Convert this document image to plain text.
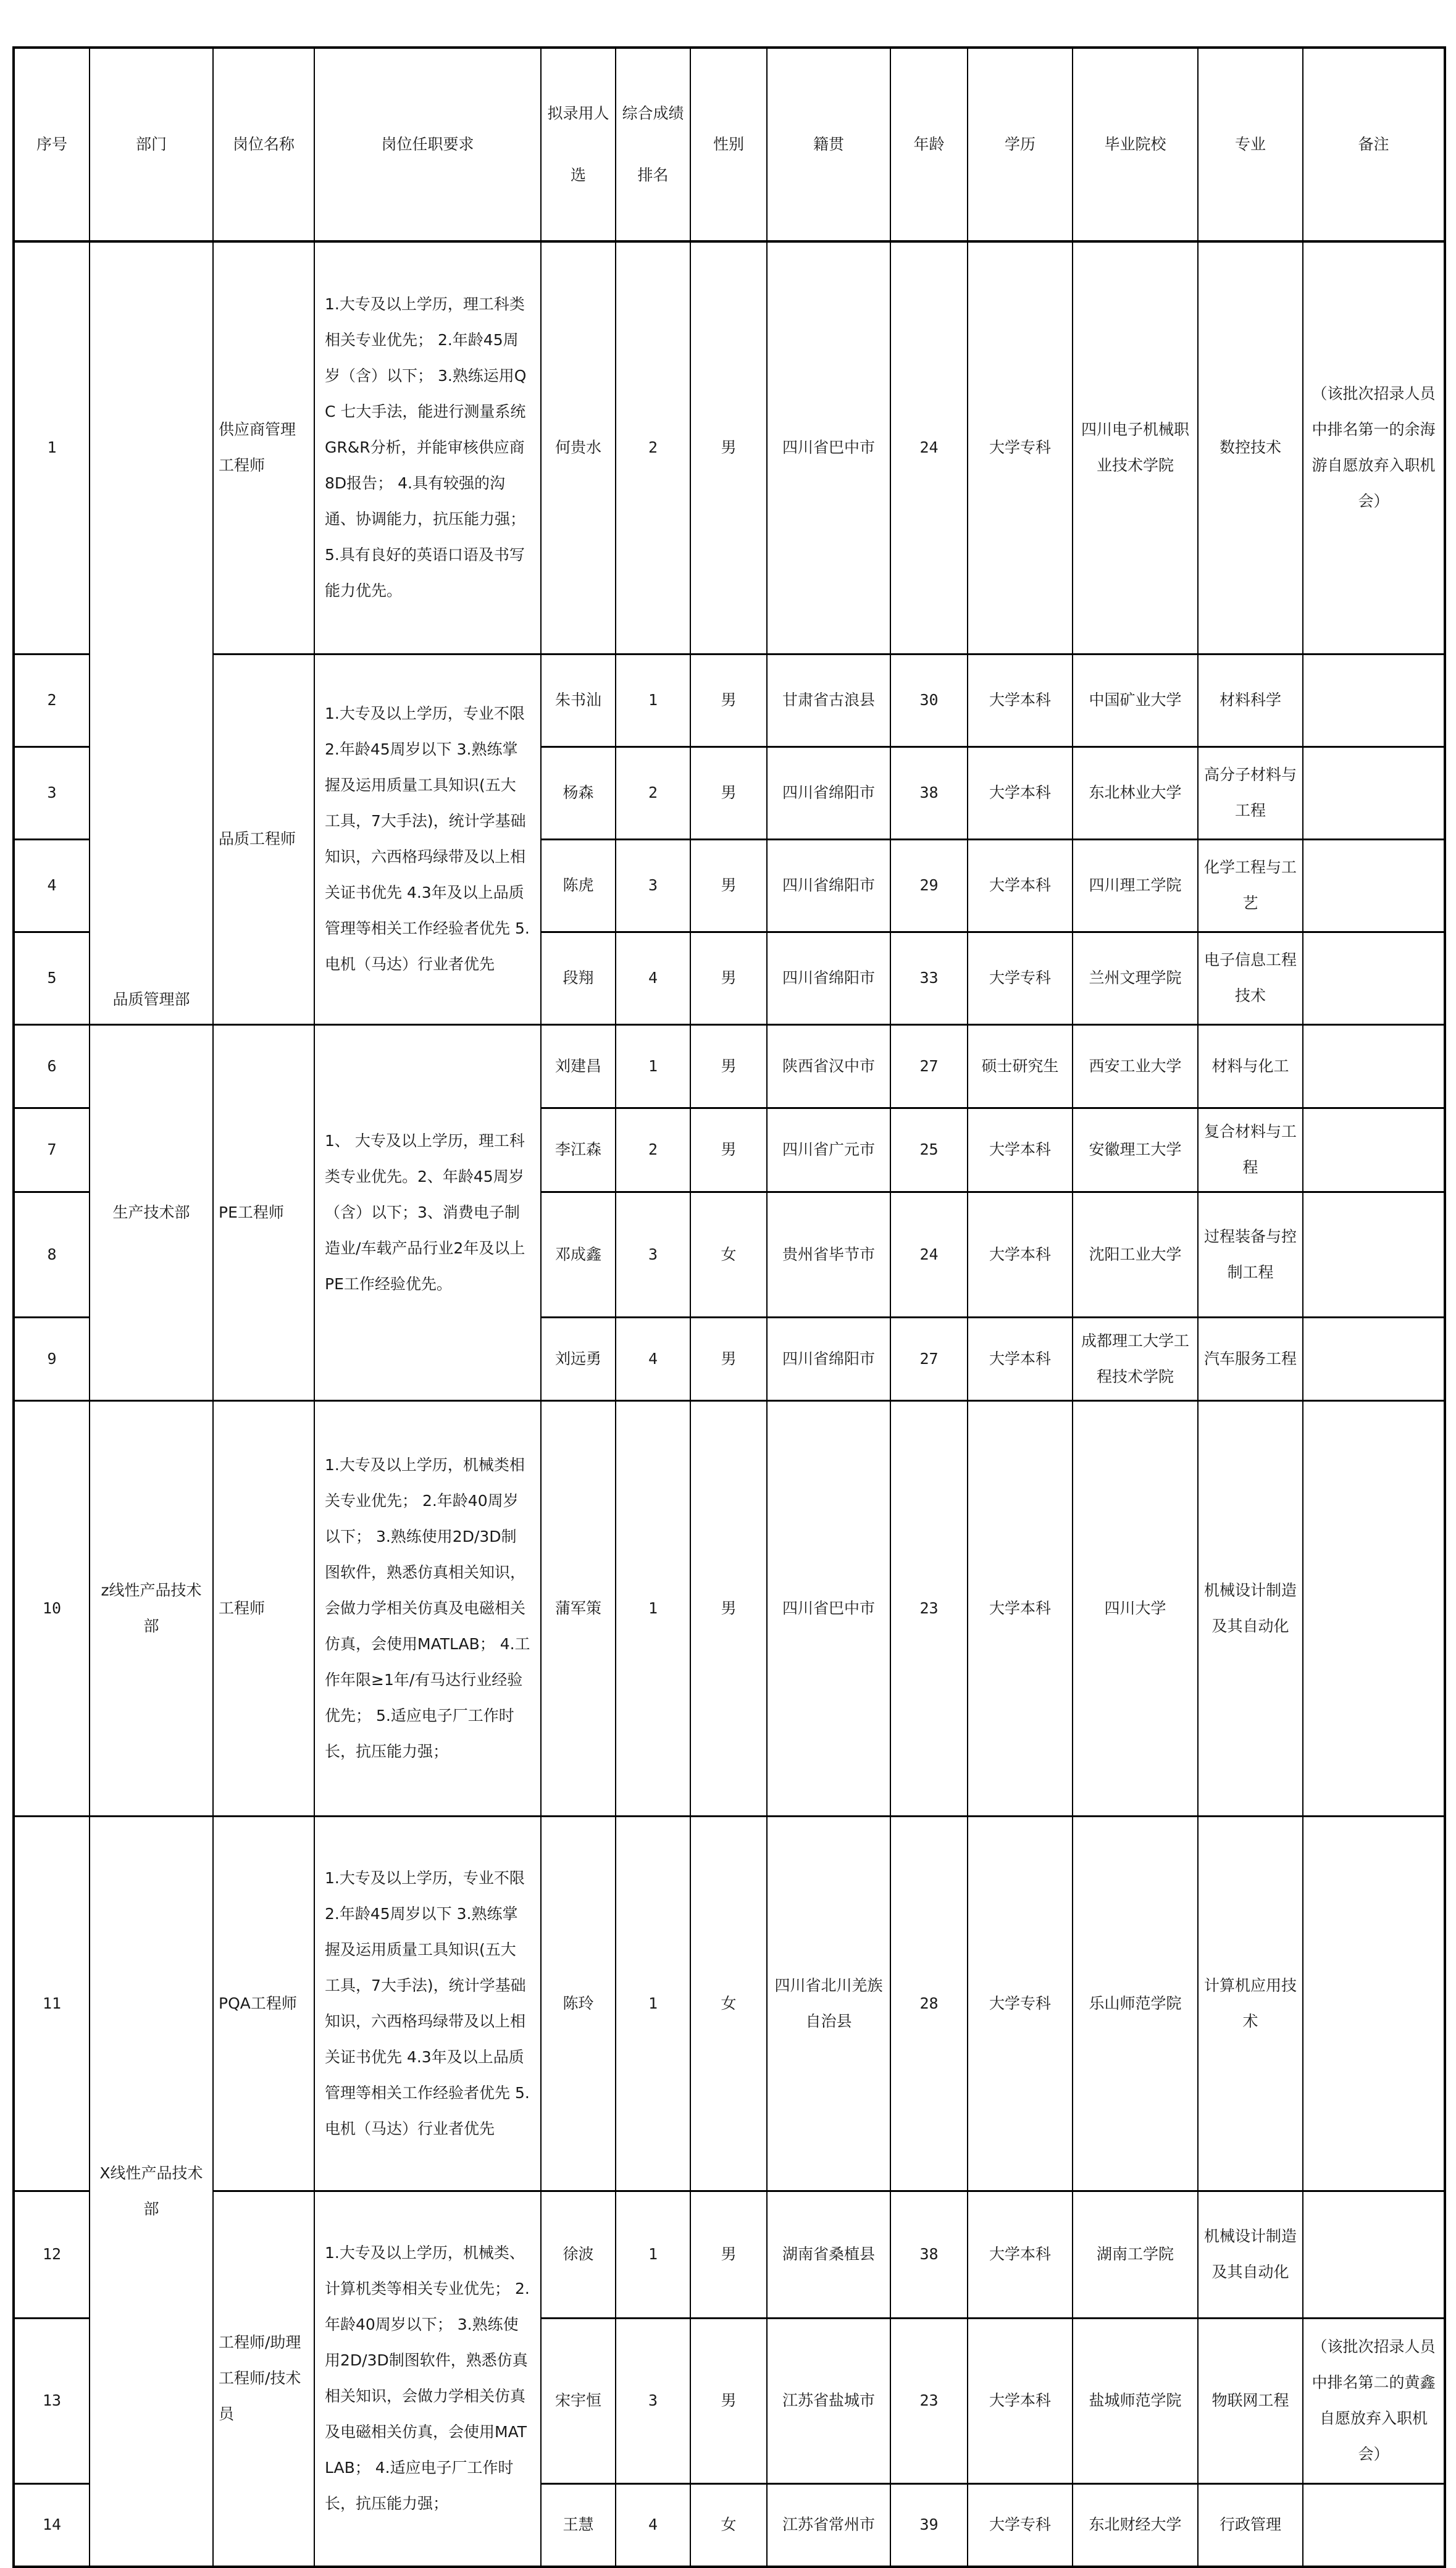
序号	部门	岗位名称	岗位任职要求	拟录用人选	综合成绩排名	性别	籍贯	年龄	学历	毕业院校	专业	备注
1	品质管理部	供应商管理工程师	1.大专及以上学历，理工科类相关专业优先； 2.年龄45周岁（含）以下； 3.熟练运用QC 七大手法，能进行测量系统GR&R分析，并能审核供应商8D报告； 4.具有较强的沟通、协调能力，抗压能力强； 5.具有良好的英语口语及书写能力优先。	何贵水	2	男	四川省巴中市	24	大学专科	四川电子机械职业技术学院	数控技术	（该批次招录人员中排名第一的余海游自愿放弃入职机会）
2		品质工程师	1.大专及以上学历，专业不限 2.年龄45周岁以下 3.熟练掌握及运用质量工具知识(五大工具，7大手法)，统计学基础知识，六西格玛绿带及以上相关证书优先 4.3年及以上品质管理等相关工作经验者优先 5.电机（马达）行业者优先	朱书汕	1	男	甘肃省古浪县	30	大学本科	中国矿业大学	材料科学	
3				杨森	2	男	四川省绵阳市	38	大学本科	东北林业大学	高分子材料与工程	
4				陈虎	3	男	四川省绵阳市	29	大学本科	四川理工学院	化学工程与工艺	
5				段翔	4	男	四川省绵阳市	33	大学专科	兰州文理学院	电子信息工程技术	
6	生产技术部	PE工程师	1、 大专及以上学历，理工科类专业优先。2、年龄45周岁（含）以下；3、消费电子制造业/车载产品行业2年及以上PE工作经验优先。	刘建昌	1	男	陕西省汉中市	27	硕士研究生	西安工业大学	材料与化工	
7				李江森	2	男	四川省广元市	25	大学本科	安徽理工大学	复合材料与工程	
8				邓成鑫	3	女	贵州省毕节市	24	大学本科	沈阳工业大学	过程装备与控制工程	
9				刘远勇	4	男	四川省绵阳市	27	大学本科	成都理工大学工程技术学院	汽车服务工程	
10	z线性产品技术部	工程师	1.大专及以上学历，机械类相关专业优先； 2.年龄40周岁以下； 3.熟练使用2D/3D制图软件，熟悉仿真相关知识，会做力学相关仿真及电磁相关仿真，会使用MATLAB； 4.工作年限≥1年/有马达行业经验优先； 5.适应电子厂工作时长，抗压能力强；	蒲军策	1	男	四川省巴中市	23	大学本科	四川大学	机械设计制造及其自动化	
11	X线性产品技术部	PQA工程师	1.大专及以上学历，专业不限 2.年龄45周岁以下 3.熟练掌握及运用质量工具知识(五大工具，7大手法)，统计学基础知识，六西格玛绿带及以上相关证书优先 4.3年及以上品质管理等相关工作经验者优先 5.电机（马达）行业者优先	陈玲	1	女	四川省北川羌族自治县	28	大学专科	乐山师范学院	计算机应用技术	
12		工程师/助理工程师/技术员	1.大专及以上学历，机械类、计算机类等相关专业优先； 2.年龄40周岁以下； 3.熟练使用2D/3D制图软件，熟悉仿真相关知识，会做力学相关仿真及电磁相关仿真，会使用MATLAB； 4.适应电子厂工作时长，抗压能力强；	徐波	1	男	湖南省桑植县	38	大学本科	湖南工学院	机械设计制造及其自动化	
13				宋宇恒	3	男	江苏省盐城市	23	大学本科	盐城师范学院	物联网工程	（该批次招录人员中排名第二的黄鑫自愿放弃入职机会）
14				王慧	4	女	江苏省常州市	39	大学专科	东北财经大学	行政管理	
